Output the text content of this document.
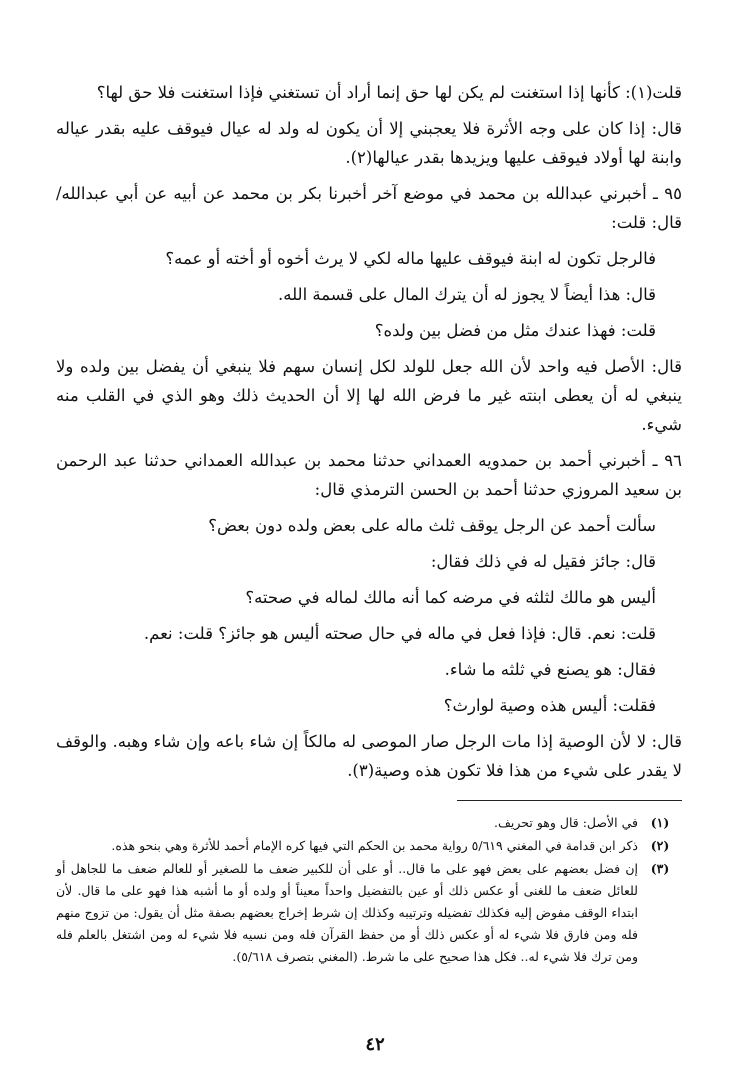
قلت(١): كأنها إذا استغنت لم يكن لها حق إنما أراد أن تستغني فإذا استغنت فلا حق لها؟

قال: إذا كان على وجه الأثرة فلا يعجبني إلا أن يكون له ولد له عيال فيوقف عليه بقدر عياله وابنة لها أولاد فيوقف عليها ويزيدها بقدر عيالها(٢).

٩٥ ـ أخبرني عبدالله بن محمد في موضع آخر أخبرنا بكر بن محمد عن أبيه عن أبي عبدالله/قال: قلت:

فالرجل تكون له ابنة فيوقف عليها ماله لكي لا يرث أخوه أو أخته أو عمه؟

قال: هذا أيضاً لا يجوز له أن يترك المال على قسمة الله.

قلت: فهذا عندك مثل من فضل بين ولده؟

قال: الأصل فيه واحد لأن الله جعل للولد لكل إنسان سهم فلا ينبغي أن يفضل بين ولده ولا ينبغي له أن يعطى ابنته غير ما فرض الله لها إلا أن الحديث ذلك وهو الذي في القلب منه شيء.

٩٦ ـ أخبرني أحمد بن حمدويه العمداني حدثنا محمد بن عبدالله العمداني حدثنا عبد الرحمن بن سعيد المروزي حدثنا أحمد بن الحسن الترمذي قال:

سألت أحمد عن الرجل يوقف ثلث ماله على بعض ولده دون بعض؟

قال: جائز فقيل له في ذلك فقال:

أليس هو مالك لثلثه في مرضه كما أنه مالك لماله في صحته؟

قلت: نعم. قال: فإذا فعل في ماله في حال صحته أليس هو جائز؟ قلت: نعم.

فقال: هو يصنع في ثلثه ما شاء.

فقلت: أليس هذه وصية لوارث؟

قال: لا لأن الوصية إذا مات الرجل صار الموصى له مالكاً إن شاء باعه وإن شاء وهبه. والوقف لا يقدر على شيء من هذا فلا تكون هذه وصية(٣).

(١)
في الأصل: قال وهو تحريف.
(٢)
ذكر ابن قدامة في المغني ٥/٦١٩ رواية محمد بن الحكم التي فيها كره الإمام أحمد للأثرة وهي بنحو هذه.
(٣)
إن فضل بعضهم على بعض فهو على ما قال.. أو على أن للكبير ضعف ما للصغير أو للعالم ضعف ما للجاهل أو للعائل ضعف ما للغنى أو عكس ذلك أو عين بالتفضيل واحداً معيناً أو ولده أو ما أشبه هذا فهو على ما قال. لأن ابتداء الوقف مفوض إليه فكذلك تفضيله وترتيبه وكذلك إن شرط إخراج بعضهم بصفة مثل أن يقول: من تزوج منهم فله ومن فارق فلا شيء له أو عكس ذلك أو من حفظ القرآن فله ومن نسيه فلا شيء له ومن اشتغل بالعلم فله ومن ترك فلا شيء له.. فكل هذا صحيح على ما شرط. (المغني بتصرف ٥/٦١٨).
٤٢
